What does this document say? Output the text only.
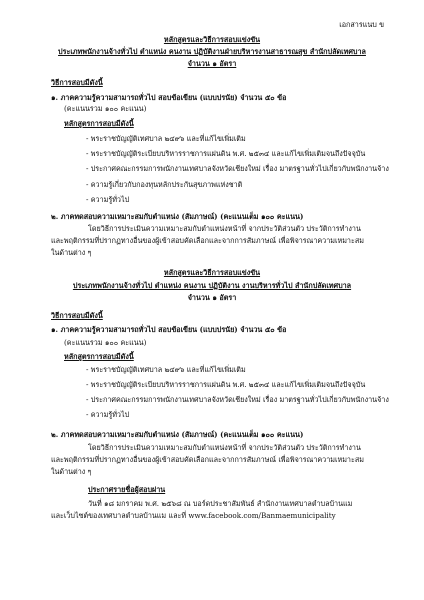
เอกสารแนบ ข
หลักสูตรและวิธีการสอบแข่งขัน
ประเภทพนักงานจ้างทั่วไป ตำแหน่ง คนงาน ปฏิบัติงานฝ่ายบริหารงานสาธารณสุข สำนักปลัดเทศบาล
จำนวน ๑ อัตรา
วิธีการสอบมีดังนี้
๑. ภาคความรู้ความสามารถทั่วไป สอบข้อเขียน (แบบปรนัย) จำนวน ๕๐ ข้อ
(คะแนนรวม ๑๐๐ คะแนน)
หลักสูตรการสอบมีดังนี้
- พระราชบัญญัติเทศบาล ๒๔๙๖ และที่แก้ไขเพิ่มเติม
- พระราชบัญญัติระเบียบบริหารราชการแผ่นดิน พ.ศ. ๒๕๓๔ และแก้ไขเพิ่มเติมจนถึงปัจจุบัน
- ประกาศคณะกรรมการพนักงานเทศบาลจังหวัดเชียงใหม่ เรื่อง มาตรฐานทั่วไปเกี่ยวกับพนักงานจ้าง
- ความรู้เกี่ยวกับกองทุนหลักประกันสุขภาพแห่งชาติ
- ความรู้ทั่วไป
๒. ภาคทดสอบความเหมาะสมกับตำแหน่ง (สัมภาษณ์) (คะแนนเต็ม ๑๐๐ คะแนน)
โดยวิธีการประเมินความเหมาะสมกับตำแหน่งหน้าที่ จากประวัติส่วนตัว ประวัติการทำงาน
และพฤติกรรมที่ปรากฏทางอื่นของผู้เข้าสอบคัดเลือกและจากการสัมภาษณ์ เพื่อพิจารณาความเหมาะสม
ในด้านต่าง ๆ
หลักสูตรและวิธีการสอบแข่งขัน
ประเภทพนักงานจ้างทั่วไป ตำแหน่ง คนงาน ปฏิบัติงาน งานบริหารทั่วไป สำนักปลัดเทศบาล
จำนวน ๑ อัตรา
วิธีการสอบมีดังนี้
๑. ภาคความรู้ความสามารถทั่วไป สอบข้อเขียน (แบบปรนัย) จำนวน ๕๐ ข้อ
(คะแนนรวม ๑๐๐ คะแนน)
หลักสูตรการสอบมีดังนี้
- พระราชบัญญัติเทศบาล ๒๔๙๖ และที่แก้ไขเพิ่มเติม
- พระราชบัญญัติระเบียบบริหารราชการแผ่นดิน พ.ศ. ๒๕๓๔ และแก้ไขเพิ่มเติมจนถึงปัจจุบัน
- ประกาศคณะกรรมการพนักงานเทศบาลจังหวัดเชียงใหม่ เรื่อง มาตรฐานทั่วไปเกี่ยวกับพนักงานจ้าง
- ความรู้ทั่วไป
๒. ภาคทดสอบความเหมาะสมกับตำแหน่ง (สัมภาษณ์) (คะแนนเต็ม ๑๐๐ คะแนน)
โดยวิธีการประเมินความเหมาะสมกับตำแหน่งหน้าที่ จากประวัติส่วนตัว ประวัติการทำงาน
และพฤติกรรมที่ปรากฏทางอื่นของผู้เข้าสอบคัดเลือกและจากการสัมภาษณ์ เพื่อพิจารณาความเหมาะสม
ในด้านต่าง ๆ
ประกาศรายชื่อผู้สอบผ่าน
วันที่ ๑๘ มกราคม พ.ศ. ๒๕๖๘ ณ บอร์ดประชาสัมพันธ์ สำนักงานเทศบาลตำบลบ้านแม
และเว็บไซต์ของเทศบาลตำบลบ้านแม และที่ www.facebook.com/Banmaemunicipality
